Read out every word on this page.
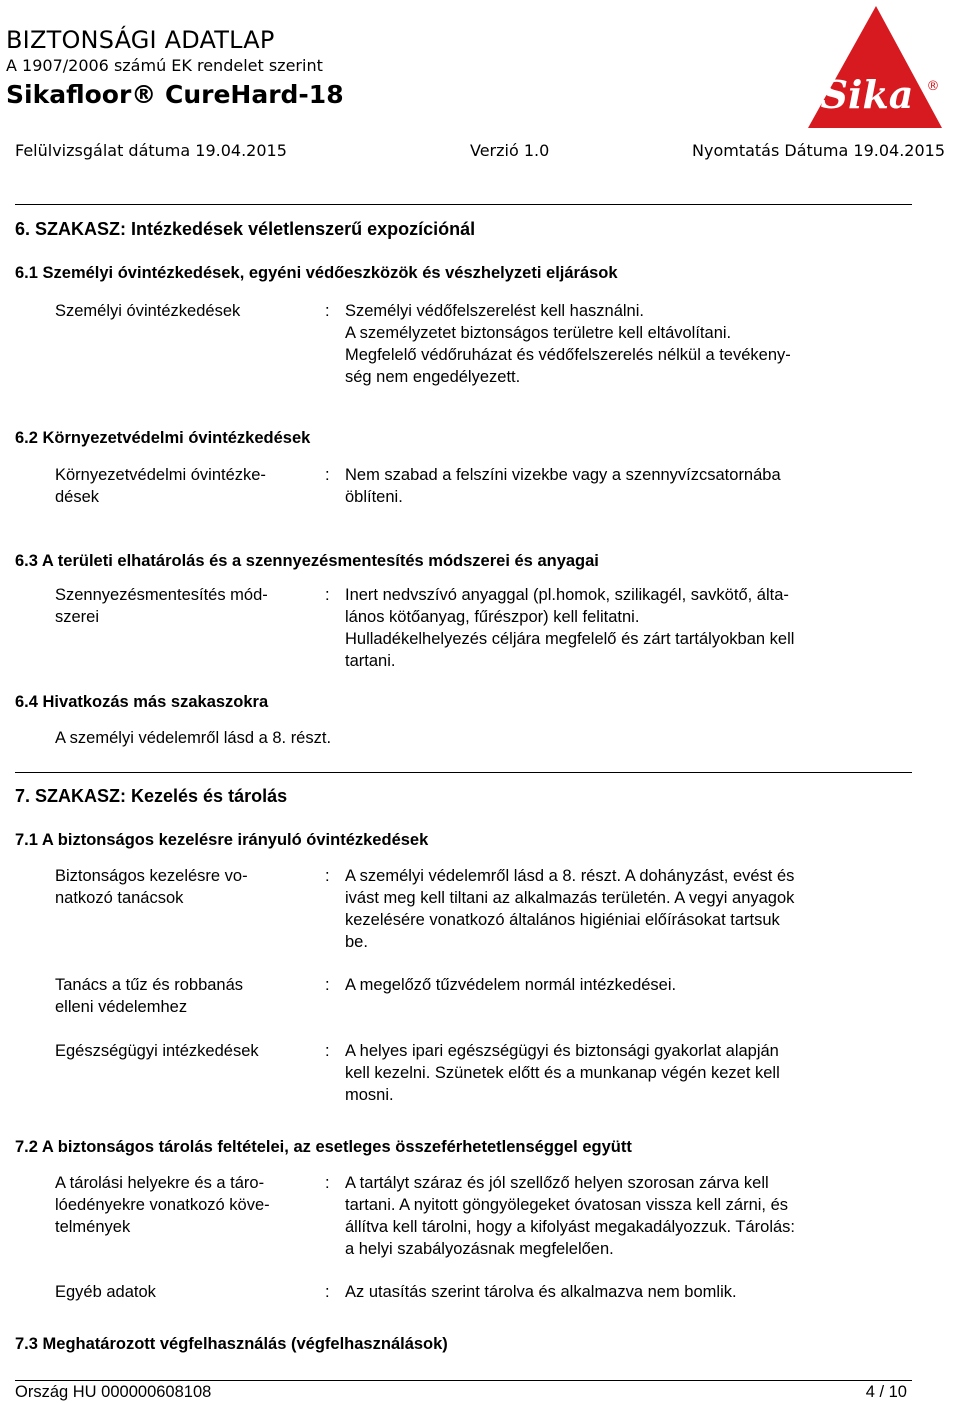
BIZTONSÁGI ADATLAP
A 1907/2006 számú EK rendelet szerint
Sikafloor® CureHard-18	Sika ®
Felülvizsgálat dátuma 19.04.2015	Verzió 1.0	Nyomtatás Dátuma 19.04.2015
6. SZAKASZ: Intézkedések véletlenszerű expozíciónál
6.1 Személyi óvintézkedések, egyéni védőeszközök és vészhelyzeti eljárások
Személyi óvintézkedések	: Személyi védőfelszerelést kell használni.
A személyzetet biztonságos területre kell eltávolítani.
Megfelelő védőruházat és védőfelszerelés nélkül a tevékeny-
ség nem engedélyezett.
6.2 Környezetvédelmi óvintézkedések
Környezetvédelmi óvintézke-
dések
: Nem szabad a felszíni vizekbe vagy a szennyvízcsatornába
öblíteni.
6.3 A területi elhatárolás és a szennyezésmentesítés módszerei és anyagai
Szennyezésmentesítés mód-
szerei
: Inert nedvszívó anyaggal (pl.homok, szilikagél, savkötő, álta-
lános kötőanyag, fűrészpor) kell felitatni.
Hulladékelhelyezés céljára megfelelő és zárt tartályokban kell
tartani.
6.4 Hivatkozás más szakaszokra
A személyi védelemről lásd a 8. részt.
7. SZAKASZ: Kezelés és tárolás
7.1 A biztonságos kezelésre irányuló óvintézkedések
Biztonságos kezelésre vo-
natkozó tanácsok
: A személyi védelemről lásd a 8. részt. A dohányzást, evést és
ivást meg kell tiltani az alkalmazás területén. A vegyi anyagok
kezelésére vonatkozó általános higiéniai előírásokat tartsuk
be.
Tanács a tűz és robbanás
elleni védelemhez
: A megelőző tűzvédelem normál intézkedései.
Egészségügyi intézkedések	: A helyes ipari egészségügyi és biztonsági gyakorlat alapján
kell kezelni. Szünetek előtt és a munkanap végén kezet kell
mosni.
7.2 A biztonságos tárolás feltételei, az esetleges összeférhetetlenséggel együtt
A tárolási helyekre és a táro-
lóedényekre vonatkozó köve-
telmények
: A tartályt száraz és jól szellőző helyen szorosan zárva kell
tartani. A nyitott göngyölegeket óvatosan vissza kell zárni, és
állítva kell tárolni, hogy a kifolyást megakadályozzuk. Tárolás:
a helyi szabályozásnak megfelelően.
Egyéb adatok	: Az utasítás szerint tárolva és alkalmazva nem bomlik.
7.3 Meghatározott végfelhasználás (végfelhasználások)
Ország HU 000000608108	4 / 10
